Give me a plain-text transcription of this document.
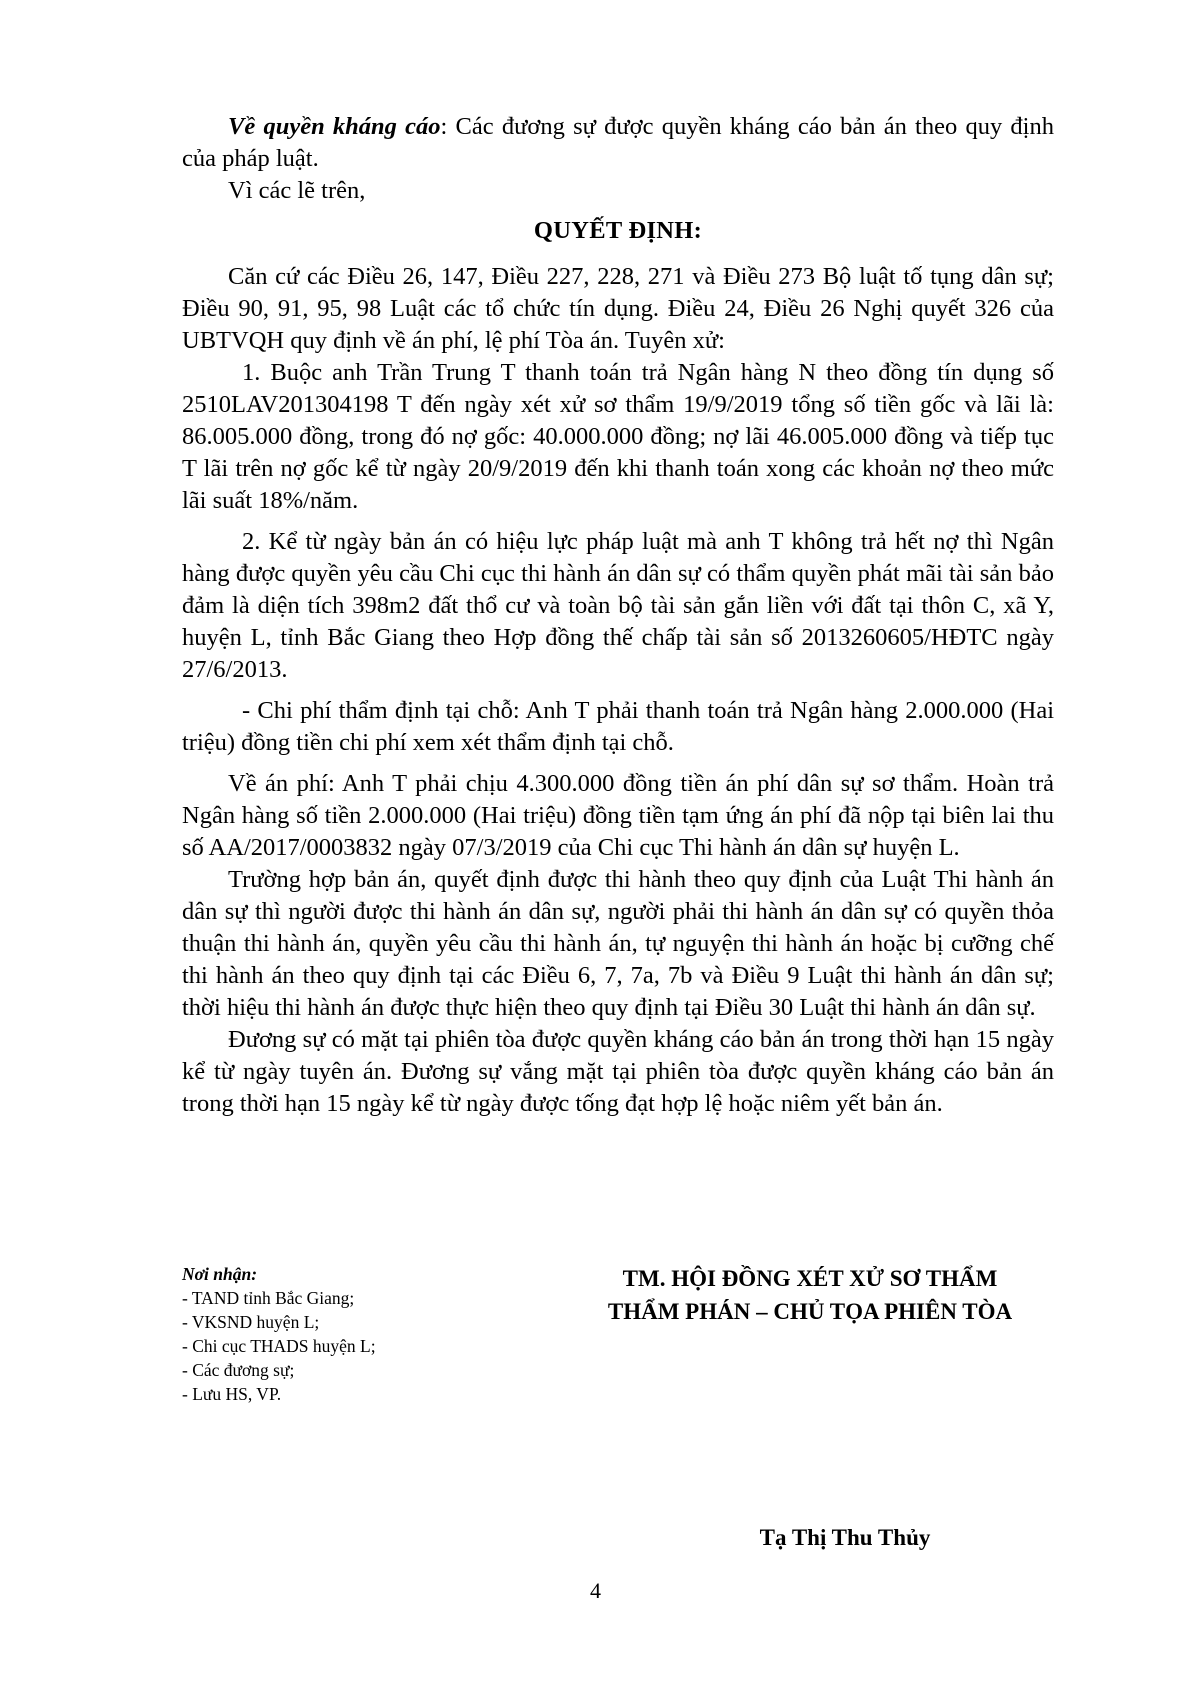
Về quyền kháng cáo: Các đương sự được quyền kháng cáo bản án theo quy định của pháp luật.

Vì các lẽ trên,

QUYẾT ĐỊNH:

Căn cứ các Điều 26, 147, Điều 227, 228, 271 và Điều 273 Bộ luật tố tụng dân sự; Điều 90, 91, 95, 98 Luật các tổ chức tín dụng. Điều 24, Điều 26 Nghị quyết 326 của UBTVQH quy định về án phí, lệ phí Tòa án. Tuyên xử:

1. Buộc anh Trần Trung T thanh toán trả Ngân hàng N theo đồng tín dụng số 2510LAV201304198 T đến ngày xét xử sơ thẩm 19/9/2019 tổng số tiền gốc và lãi là: 86.005.000 đồng, trong đó nợ gốc: 40.000.000 đồng; nợ lãi 46.005.000 đồng và tiếp tục T lãi trên nợ gốc kể từ ngày 20/9/2019 đến khi thanh toán xong các khoản nợ theo mức lãi suất 18%/năm.

2. Kể từ ngày bản án có hiệu lực pháp luật mà anh T không trả hết nợ thì Ngân hàng được quyền yêu cầu Chi cục thi hành án dân sự có thẩm quyền phát mãi tài sản bảo đảm là diện tích 398m2 đất thổ cư và toàn bộ tài sản gắn liền với đất tại thôn C, xã Y, huyện L, tỉnh Bắc Giang theo Hợp đồng thế chấp tài sản số 2013260605/HĐTC ngày 27/6/2013.

- Chi phí thẩm định tại chỗ: Anh T phải thanh toán trả Ngân hàng 2.000.000 (Hai triệu) đồng tiền chi phí xem xét thẩm định tại chỗ.

Về án phí: Anh T phải chịu 4.300.000 đồng tiền án phí dân sự sơ thẩm. Hoàn trả Ngân hàng số tiền 2.000.000 (Hai triệu) đồng tiền tạm ứng án phí đã nộp tại biên lai thu số AA/2017/0003832 ngày 07/3/2019 của Chi cục Thi hành án dân sự huyện L.

Trường hợp bản án, quyết định được thi hành theo quy định của Luật Thi hành án dân sự thì người được thi hành án dân sự, người phải thi hành án dân sự có quyền thỏa thuận thi hành án, quyền yêu cầu thi hành án, tự nguyện thi hành án hoặc bị cưỡng chế thi hành án theo quy định tại các Điều 6, 7, 7a, 7b và Điều 9 Luật thi hành án dân sự; thời hiệu thi hành án được thực hiện theo quy định tại Điều 30 Luật thi hành án dân sự.

Đương sự có mặt tại phiên tòa được quyền kháng cáo bản án trong thời hạn 15 ngày kể từ ngày tuyên án. Đương sự vắng mặt tại phiên tòa được quyền kháng cáo bản án trong thời hạn 15 ngày kể từ ngày được tống đạt hợp lệ hoặc niêm yết bản án.

Nơi nhận:
- TAND tỉnh Bắc Giang;
- VKSND huyện L;
- Chi cục THADS huyện L;
- Các đương sự;
- Lưu HS, VP.
TM. HỘI ĐỒNG XÉT XỬ SƠ THẨM
THẨM PHÁN – CHỦ TỌA PHIÊN TÒA
Tạ Thị Thu Thủy
4
